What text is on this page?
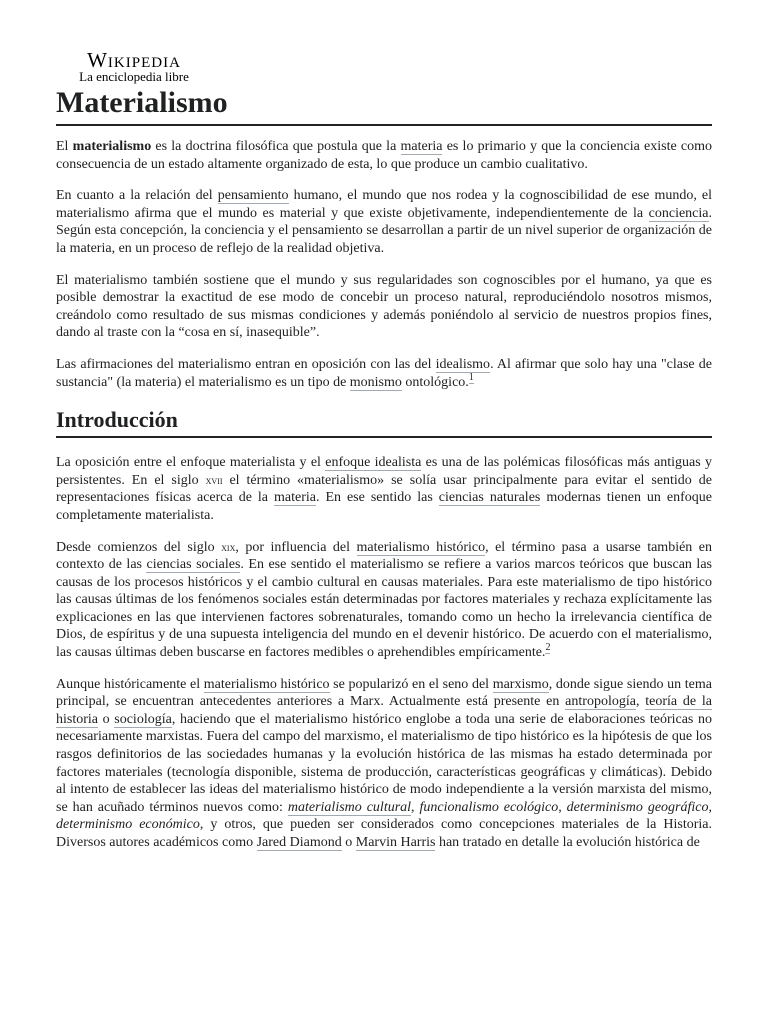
Wikipedia
La enciclopedia libre
Materialismo

El materialismo es la doctrina filosófica que postula que la materia es lo primario y que la conciencia existe como consecuencia de un estado altamente organizado de esta, lo que produce un cambio cualitativo.

En cuanto a la relación del pensamiento humano, el mundo que nos rodea y la cognoscibilidad de ese mundo, el materialismo afirma que el mundo es material y que existe objetivamente, independientemente de la conciencia. Según esta concepción, la conciencia y el pensamiento se desarrollan a partir de un nivel superior de organización de la materia, en un proceso de reflejo de la realidad objetiva.

El materialismo también sostiene que el mundo y sus regularidades son cognoscibles por el humano, ya que es posible demostrar la exactitud de ese modo de concebir un proceso natural, reproduciéndolo nosotros mismos, creándolo como resultado de sus mismas condiciones y además poniéndolo al servicio de nuestros propios fines, dando al traste con la “cosa en sí, inasequible”.

Las afirmaciones del materialismo entran en oposición con las del idealismo. Al afirmar que solo hay una "clase de sustancia" (la materia) el materialismo es un tipo de monismo ontológico.$^1$

Introducción

La oposición entre el enfoque materialista y el enfoque idealista es una de las polémicas filosóficas más antiguas y persistentes. En el siglo xvii el término «materialismo» se solía usar principalmente para evitar el sentido de representaciones físicas acerca de la materia. En ese sentido las ciencias naturales modernas tienen un enfoque completamente materialista.

Desde comienzos del siglo xix, por influencia del materialismo histórico, el término pasa a usarse también en contexto de las ciencias sociales. En ese sentido el materialismo se refiere a varios marcos teóricos que buscan las causas de los procesos históricos y el cambio cultural en causas materiales. Para este materialismo de tipo histórico las causas últimas de los fenómenos sociales están determinadas por factores materiales y rechaza explícitamente las explicaciones en las que intervienen factores sobrenaturales, tomando como un hecho la irrelevancia científica de Dios, de espíritus y de una supuesta inteligencia del mundo en el devenir histórico. De acuerdo con el materialismo, las causas últimas deben buscarse en factores medibles o aprehendibles empíricamente.$^2$

Aunque históricamente el materialismo histórico se popularizó en el seno del marxismo, donde sigue siendo un tema principal, se encuentran antecedentes anteriores a Marx. Actualmente está presente en antropología, teoría de la historia o sociología, haciendo que el materialismo histórico englobe a toda una serie de elaboraciones teóricas no necesariamente marxistas. Fuera del campo del marxismo, el materialismo de tipo histórico es la hipótesis de que los rasgos definitorios de las sociedades humanas y la evolución histórica de las mismas ha estado determinada por factores materiales (tecnología disponible, sistema de producción, características geográficas y climáticas). Debido al intento de establecer las ideas del materialismo histórico de modo independiente a la versión marxista del mismo, se han acuñado términos nuevos como: materialismo cultural, funcionalismo ecológico, determinismo geográfico, determinismo económico, y otros, que pueden ser considerados como concepciones materiales de la Historia. Diversos autores académicos como Jared Diamond o Marvin Harris han tratado en detalle la evolución histórica de
